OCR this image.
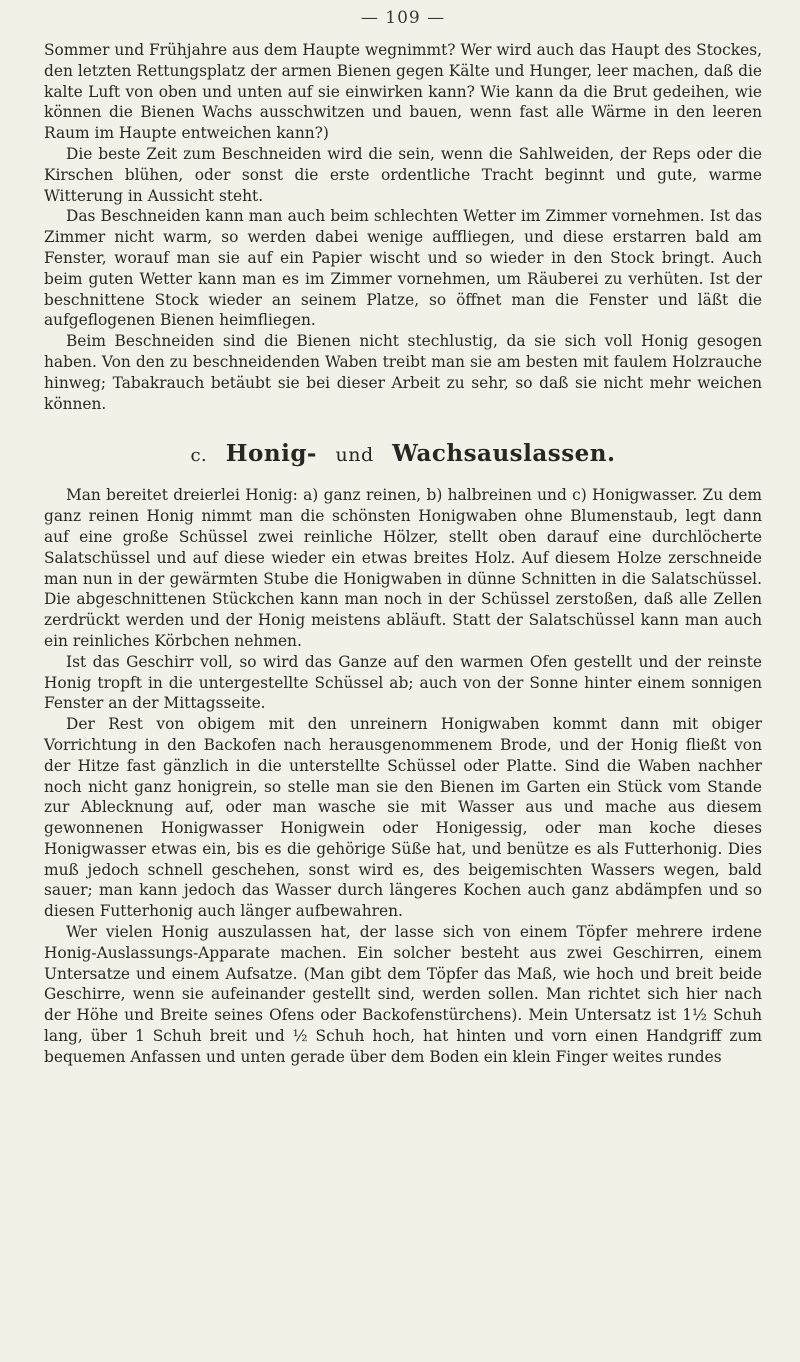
— 109 —

Sommer und Frühjahre aus dem Haupte wegnimmt? Wer wird auch das Haupt des Stockes, den letzten Rettungsplatz der armen Bienen gegen Kälte und Hunger, leer machen, daß die kalte Luft von oben und unten auf sie einwirken kann? Wie kann da die Brut gedeihen, wie können die Bienen Wachs ausschwitzen und bauen, wenn fast alle Wärme in den leeren Raum im Haupte entweichen kann?)

Die beste Zeit zum Beschneiden wird die sein, wenn die Sahlweiden, der Reps oder die Kirschen blühen, oder sonst die erste ordentliche Tracht beginnt und gute, warme Witterung in Aussicht steht.

Das Beschneiden kann man auch beim schlechten Wetter im Zimmer vornehmen. Ist das Zimmer nicht warm, so werden dabei wenige auffliegen, und diese erstarren bald am Fenster, worauf man sie auf ein Papier wischt und so wieder in den Stock bringt. Auch beim guten Wetter kann man es im Zimmer vornehmen, um Räuberei zu verhüten. Ist der beschnittene Stock wieder an seinem Platze, so öffnet man die Fenster und läßt die aufgeflogenen Bienen heimfliegen.

Beim Beschneiden sind die Bienen nicht stechlustig, da sie sich voll Honig gesogen haben. Von den zu beschneidenden Waben treibt man sie am besten mit faulem Holzrauche hinweg; Tabakrauch betäubt sie bei dieser Arbeit zu sehr, so daß sie nicht mehr weichen können.

c. Honig- und Wachsauslassen.

Man bereitet dreierlei Honig: a) ganz reinen, b) halbreinen und c) Honigwasser. Zu dem ganz reinen Honig nimmt man die schönsten Honigwaben ohne Blumenstaub, legt dann auf eine große Schüssel zwei reinliche Hölzer, stellt oben darauf eine durchlöcherte Salatschüssel und auf diese wieder ein etwas breites Holz. Auf diesem Holze zerschneide man nun in der gewärmten Stube die Honigwaben in dünne Schnitten in die Salatschüssel. Die abgeschnittenen Stückchen kann man noch in der Schüssel zerstoßen, daß alle Zellen zerdrückt werden und der Honig meistens abläuft. Statt der Salatschüssel kann man auch ein reinliches Körbchen nehmen.

Ist das Geschirr voll, so wird das Ganze auf den warmen Ofen gestellt und der reinste Honig tropft in die untergestellte Schüssel ab; auch von der Sonne hinter einem sonnigen Fenster an der Mittagsseite.

Der Rest von obigem mit den unreinern Honigwaben kommt dann mit obiger Vorrichtung in den Backofen nach herausgenommenem Brode, und der Honig fließt von der Hitze fast gänzlich in die unterstellte Schüssel oder Platte. Sind die Waben nachher noch nicht ganz honigrein, so stelle man sie den Bienen im Garten ein Stück vom Stande zur Ablecknung auf, oder man wasche sie mit Wasser aus und mache aus diesem gewonnenen Honigwasser Honigwein oder Honigessig, oder man koche dieses Honigwasser etwas ein, bis es die gehörige Süße hat, und benütze es als Futterhonig. Dies muß jedoch schnell geschehen, sonst wird es, des beigemischten Wassers wegen, bald sauer; man kann jedoch das Wasser durch längeres Kochen auch ganz abdämpfen und so diesen Futterhonig auch länger aufbewahren.

Wer vielen Honig auszulassen hat, der lasse sich von einem Töpfer mehrere irdene Honig-Auslassungs-Apparate machen. Ein solcher besteht aus zwei Geschirren, einem Untersatze und einem Aufsatze. (Man gibt dem Töpfer das Maß, wie hoch und breit beide Geschirre, wenn sie aufeinander gestellt sind, werden sollen. Man richtet sich hier nach der Höhe und Breite seines Ofens oder Backofenstürchens). Mein Untersatz ist 1½ Schuh lang, über 1 Schuh breit und ½ Schuh hoch, hat hinten und vorn einen Handgriff zum bequemen Anfassen und unten gerade über dem Boden ein klein Finger weites rundes
